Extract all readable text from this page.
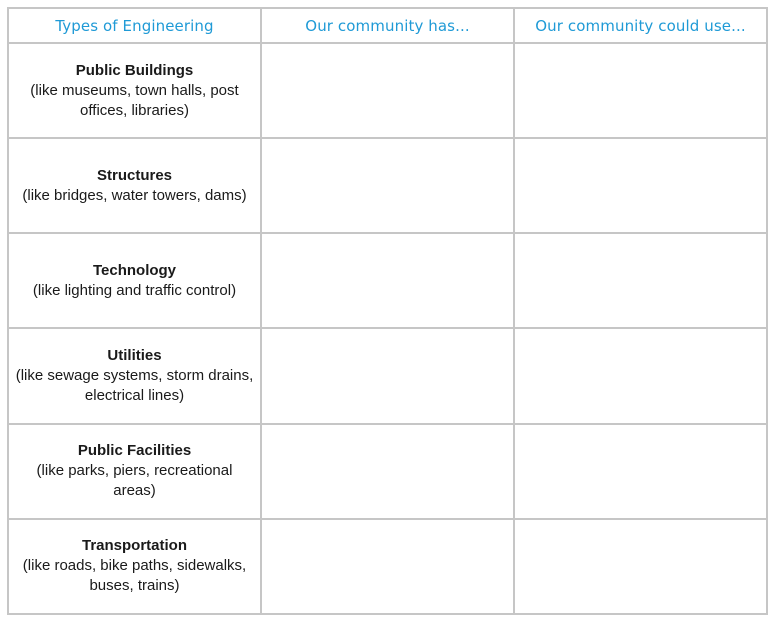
Types of Engineering	Our community has...	Our community could use...

Public Buildings
(like museums, town halls, post offices, libraries)		

Structures
(like bridges, water towers, dams)		

Technology
(like lighting and traffic control)		

Utilities
(like sewage systems, storm drains, electrical lines)		

Public Facilities
(like parks, piers, recreational areas)		

Transportation
(like roads, bike paths, sidewalks, buses, trains)		
